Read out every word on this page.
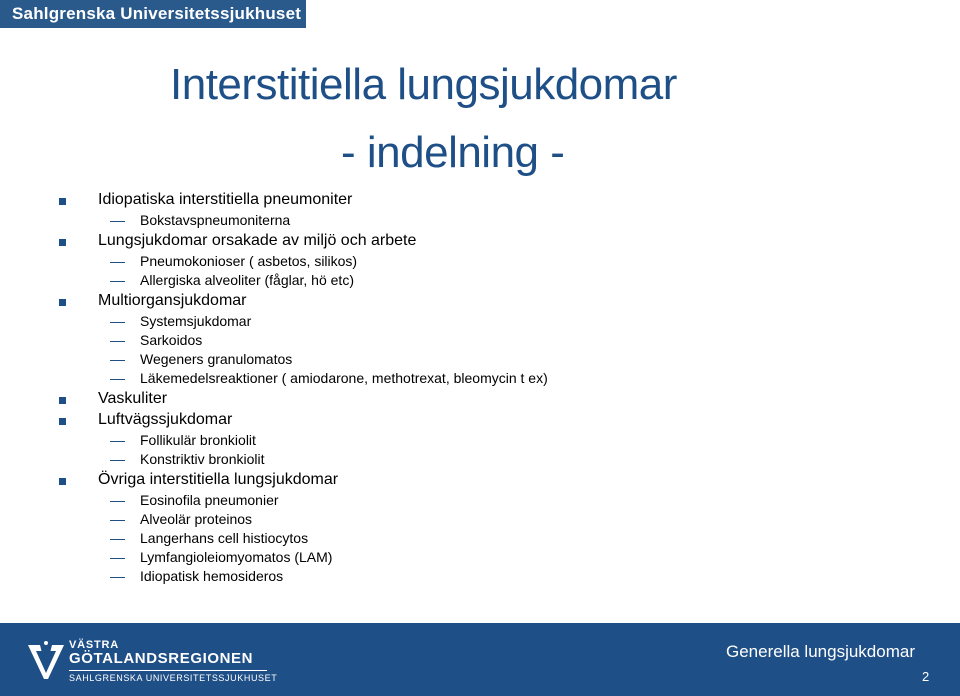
Sahlgrenska Universitetssjukhuset
Interstitiella lungsjukdomar
- indelning -
Idiopatiska interstitiella pneumoniter
Bokstavspneumoniterna
Lungsjukdomar orsakade av miljö och arbete
Pneumokonioser ( asbetos, silikos)
Allergiska alveoliter (fåglar, hö etc)
Multiorgansjukdomar
Systemsjukdomar
Sarkoidos
Wegeners granulomatos
Läkemedelsreaktioner ( amiodarone, methotrexat, bleomycin t ex)
Vaskuliter
Luftvägssjukdomar
Follikulär bronkiolit
Konstriktiv bronkiolit
Övriga interstitiella lungsjukdomar
Eosinofila pneumonier
Alveolär proteinos
Langerhans cell histiocytos
Lymfangioleiomyomatos (LAM)
Idiopatisk hemosideros
VÄSTRA
GÖTALANDSREGIONEN
SAHLGRENSKA UNIVERSITETSSJUKHUSET
Generella lungsjukdomar
2
